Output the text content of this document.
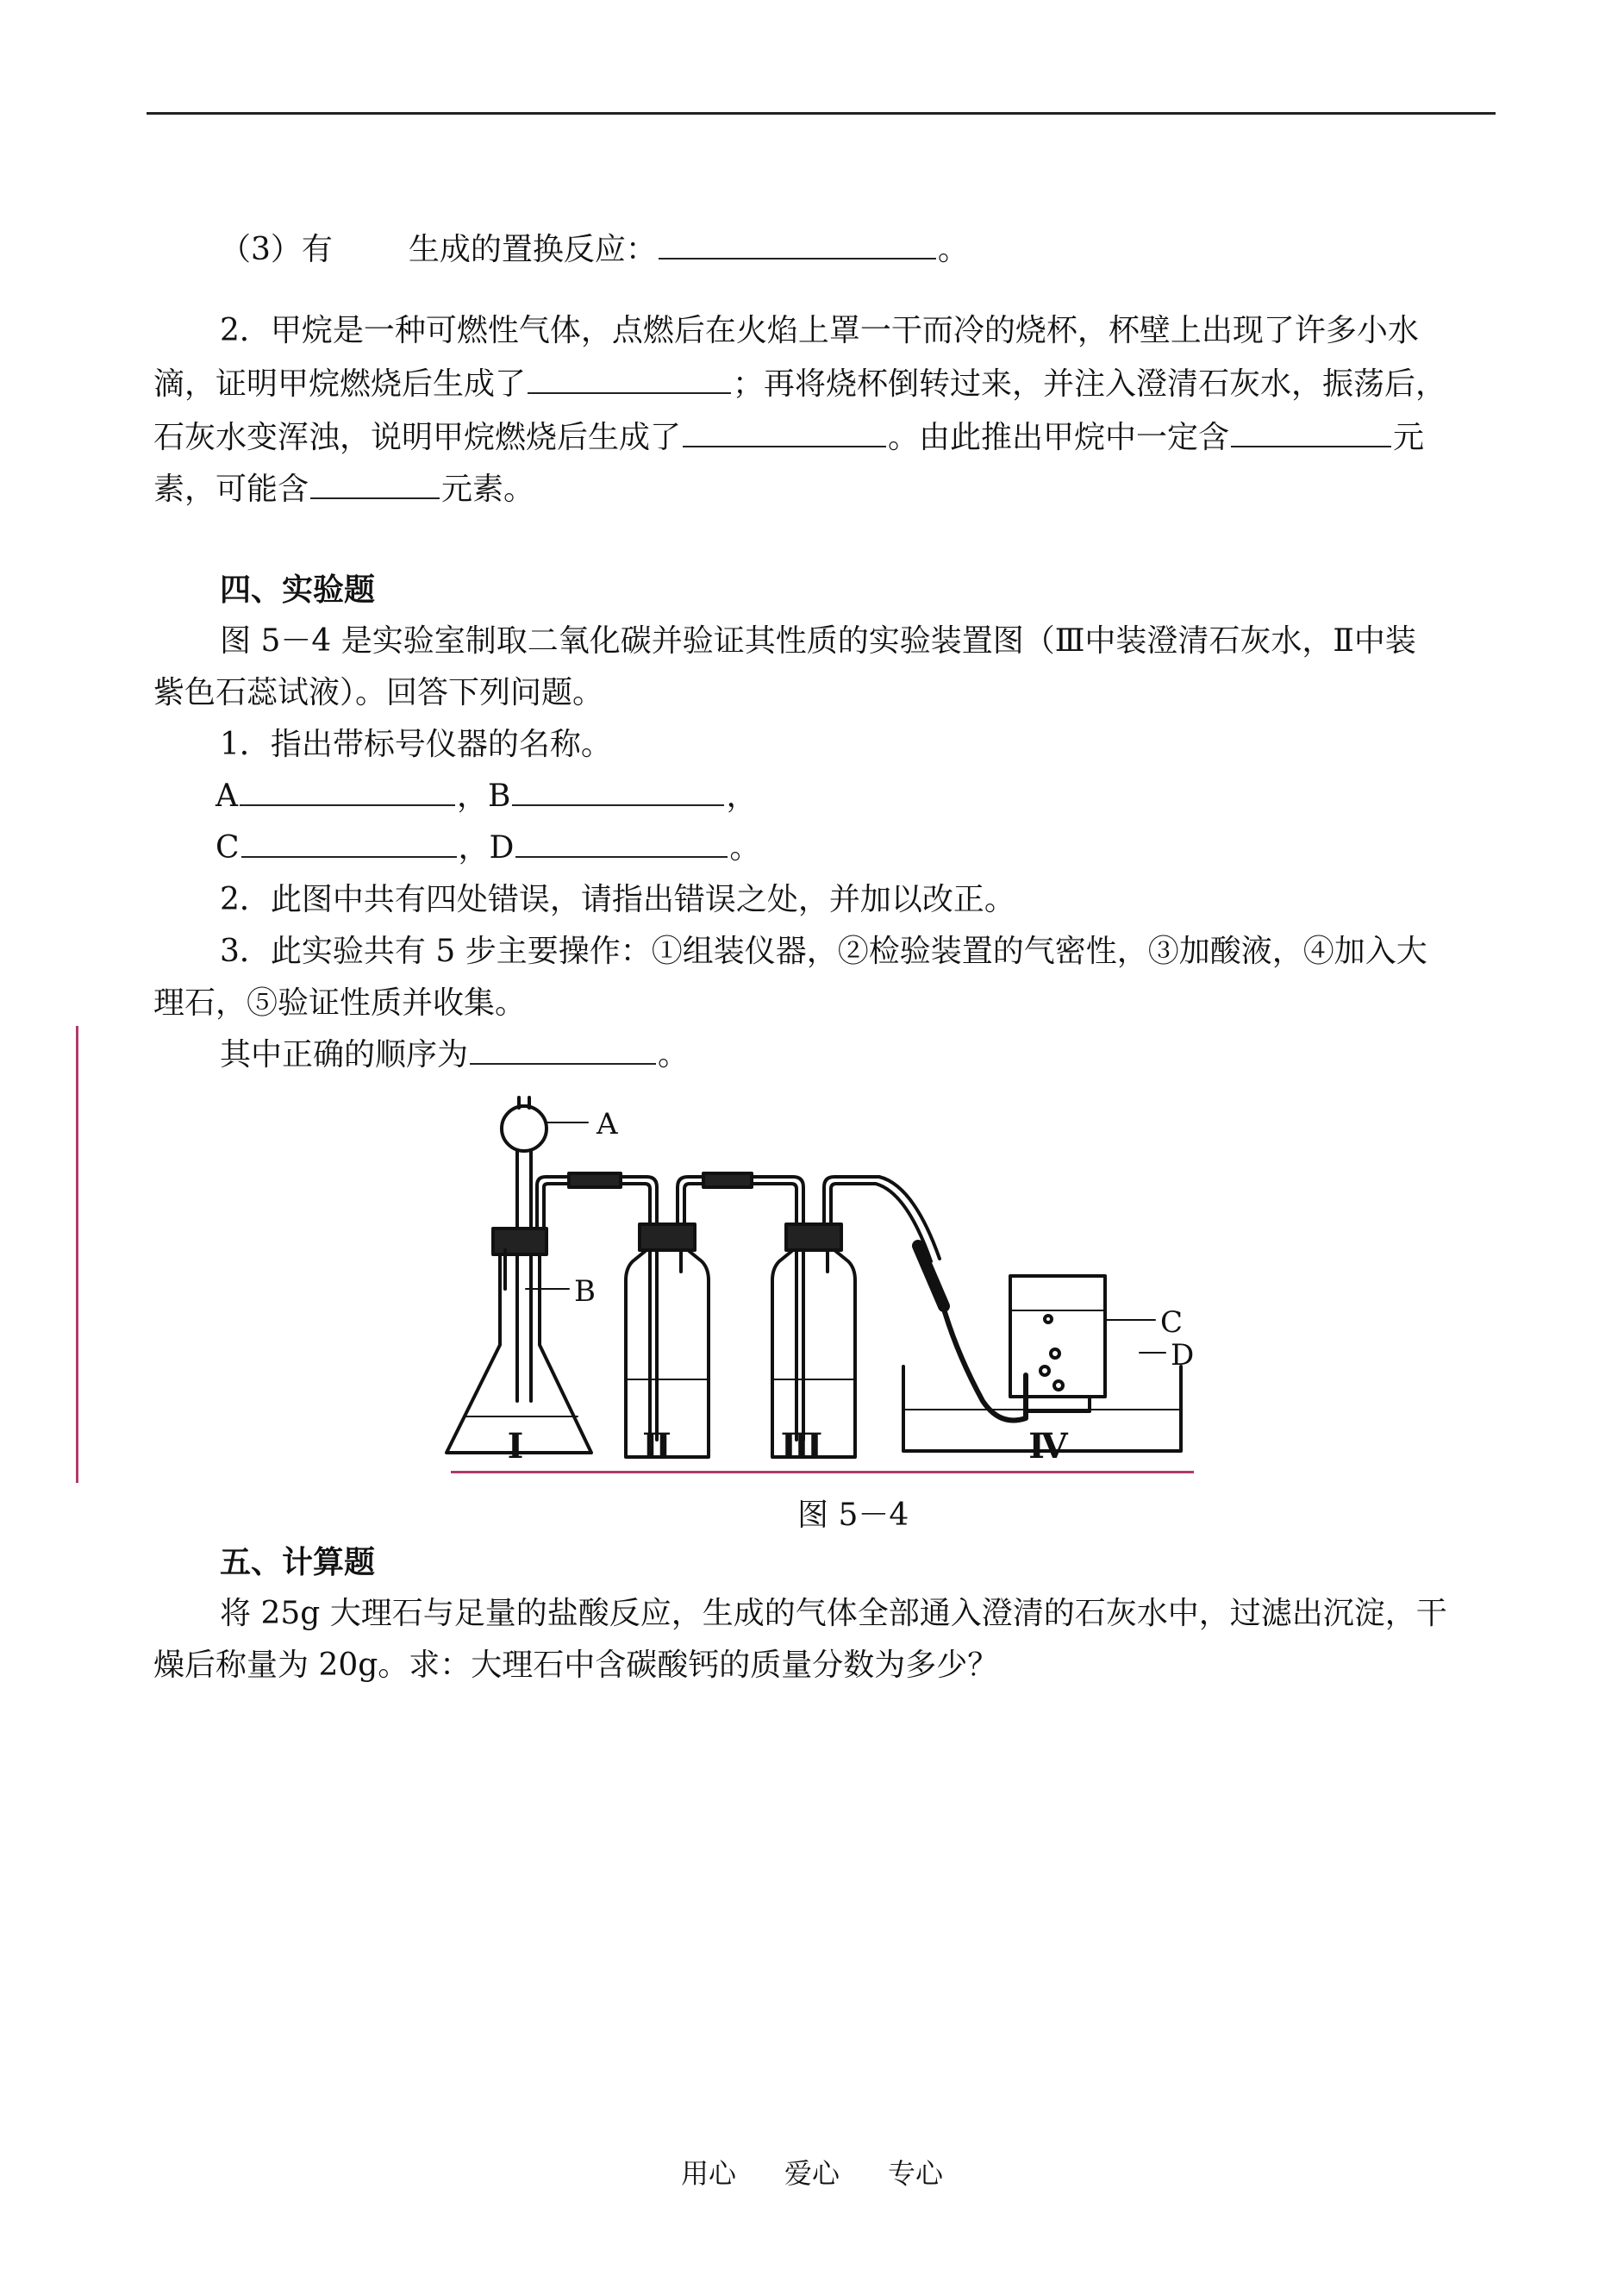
（3）有 生成的置换反应：	。
2．甲烷是一种可燃性气体，点燃后在火焰上罩一干而冷的烧杯，杯壁上出现了许多小水
滴，证明甲烷燃烧后生成了	；再将烧杯倒转过来，并注入澄清石灰水，振荡后，
石灰水变浑浊，说明甲烷燃烧后生成了	。由此推出甲烷中一定含	元
素，可能含	元素。
四、实验题
图 5－4 是实验室制取二氧化碳并验证其性质的实验装置图（Ⅲ中装澄清石灰水，Ⅱ中装
紫色石蕊试液）。回答下列问题。
1．指出带标号仪器的名称。
A	，B	，
C	，D	。
2．此图中共有四处错误，请指出错误之处，并加以改正。
3．此实验共有 5 步主要操作：①组装仪器，②检验装置的气密性，③加酸液，④加入大
理石，⑤验证性质并收集。
其中正确的顺序为	。
A
B
C
D
Ⅰ	Ⅱ	Ⅲ	Ⅳ
图 5－4
五、计算题
将 25g 大理石与足量的盐酸反应，生成的气体全部通入澄清的石灰水中，过滤出沉淀，干
燥后称量为 20g。求：大理石中含碳酸钙的质量分数为多少？
用心 爱心 专心
